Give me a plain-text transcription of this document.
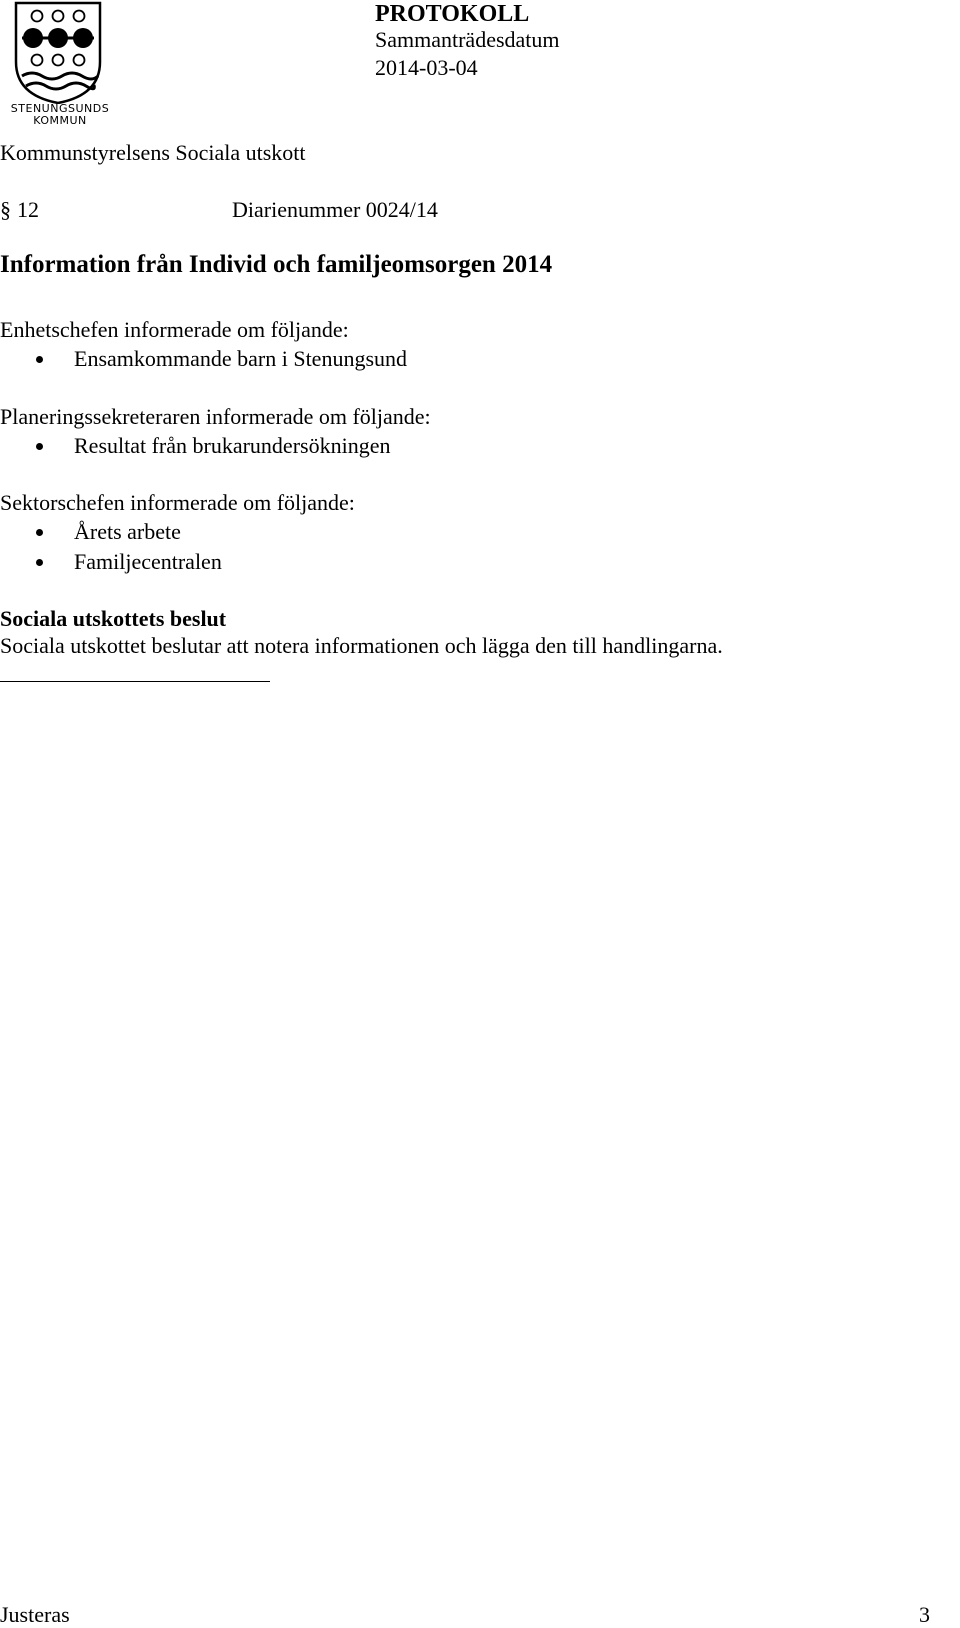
STENUNGSUNDS
KOMMUN
PROTOKOLL
Sammanträdesdatum
2014-03-04
Kommunstyrelsens Sociala utskott
§ 12	Diarienummer 0024/14
Information från Individ och familjeomsorgen 2014
Enhetschefen informerade om följande:
Ensamkommande barn i Stenungsund
Planeringssekreteraren informerade om följande:
Resultat från brukarundersökningen
Sektorschefen informerade om följande:
Årets arbete
Familjecentralen
Sociala utskottets beslut
Sociala utskottet beslutar att notera informationen och lägga den till handlingarna.
Justeras	3
